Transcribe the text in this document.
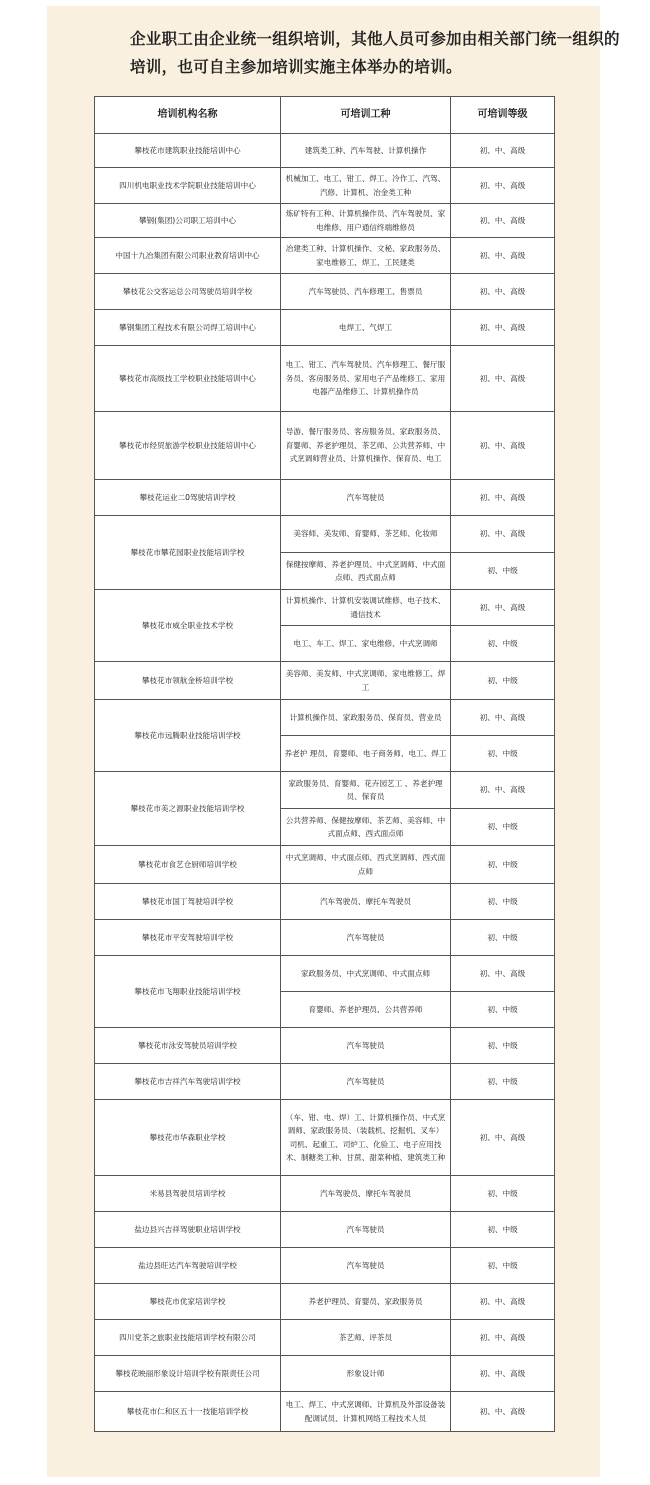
企业职工由企业统一组织培训，其他人员可参加由相关部门统一组织的培训，也可自主参加培训实施主体举办的培训。
培训机构名称	可培训工种	可培训等级
攀枝花市建筑职业技能培训中心	建筑类工种、汽车驾驶、计算机操作	初、中、高级
四川机电职业技术学院职业技能培训中心	机械加工、电工、钳工、焊工、冷作工、汽驾、汽修、计算机、冶金类工种	初、中、高级
攀钢(集团)公司职工培训中心	炼矿特有工种、计算机操作员、汽车驾驶员、家电维修、用户通信终端维修员	初、中、高级
中国十九冶集团有限公司职业教育培训中心	冶建类工种、计算机操作、文秘、家政服务员、家电维修工、焊工、工民建类	初、中、高级
攀枝花公交客运总公司驾驶员培训学校	汽车驾驶员、汽车修理工、售票员	初、中、高级
攀钢集团工程技术有限公司焊工培训中心	电焊工、气焊工	初、中、高级
攀枝花市高级技工学校职业技能培训中心	电工、钳工、汽车驾驶员、汽车修理工、餐厅服务员、客房服务员、家用电子产品维修工、家用电器产品维修工、计算机操作员	初、中、高级
攀枝花市经贸旅游学校职业技能培训中心	导游、餐厅服务员、客房服务员、家政服务员、育婴师、养老护理员、茶艺师、公共营养师、中式烹调师营业员、计算机操作、保育员、电工	初、中、高级
攀枝花运业二0驾驶培训学校	汽车驾驶员	初、中、高级
攀枝花市攀花园职业技能培训学校	美容师、美发师、育婴师、茶艺师、化妆师	初、中、高级
	保健按摩师、养老护理员、中式烹调师、中式面点师、西式面点师	初、中级
攀枝花市威全职业技术学校	计算机操作、计算机安装调试维修、电子技术、通信技术	初、中、高级
	电工、车工、焊工、家电维修、中式烹调师	初、中级
攀枝花市领航金桥培训学校	美容师、美发师、中式烹调师、家电维修工、焊工	初、中级
攀枝花市远腾职业技能培训学校	计算机操作员、家政服务员、保育员、营业员	初、中、高级
	养老护 理员、育婴师、电子商务师、电工、焊工	初、中级
攀枝花市美之源职业技能培训学校	家政服务员、育婴师、花卉园艺工 、养老护理员、保育员	初、中、高级
	公共营养师、保健按摩师、茶艺师、美容师、中式面点师、西式面点师	初、中级
攀枝花市食艺仓厨师培训学校	中式烹调师、中式面点师、西式烹调师、西式面点师	初、中级
攀枝花市国丁驾驶培训学校	汽车驾驶员、摩托车驾驶员	初、中级
攀枝花市平安驾驶培训学校	汽车驾驶员	初、中级
攀枝花市飞翔职业技能培训学校	家政服务员、中式烹调师、中式面点师	初、中、高级
	育婴师、养老护理员、公共营养师	初、中级
攀枝花市泳安驾驶员培训学校	汽车驾驶员	初、中级
攀枝花市吉祥汽车驾驶培训学校	汽车驾驶员	初、中级
攀枝花市华森职业学校	（车、钳、电、焊）工、计算机操作员、中式烹调师、家政服务员、（装载机、挖掘机、叉车）司机、起重工、司炉工、化验工、电子应用技术、制糖类工种、甘蔗、甜菜种植、建筑类工种	初、中、高级
米易县驾驶员培训学校	汽车驾驶员、摩托车驾驶员	初、中级
盐边县兴吉祥驾驶职业培训学校	汽车驾驶员	初、中级
盐边县旺达汽车驾驶培训学校	汽车驾驶员	初、中级
攀枝花市优家培训学校	养老护理员、育婴员、家政服务员	初、中、高级
四川党茶之旅职业技能培训学校有限公司	茶艺师、评茶员	初、中、高级
攀枝花映丽形象设计培训学校有限责任公司	形象设计师	初、中、高级
攀枝花市仁和区五十一技能培训学校	电工、焊工、中式烹调师、计算机及外部设备装配调试员、计算机网络工程技术人员	初、中、高级
